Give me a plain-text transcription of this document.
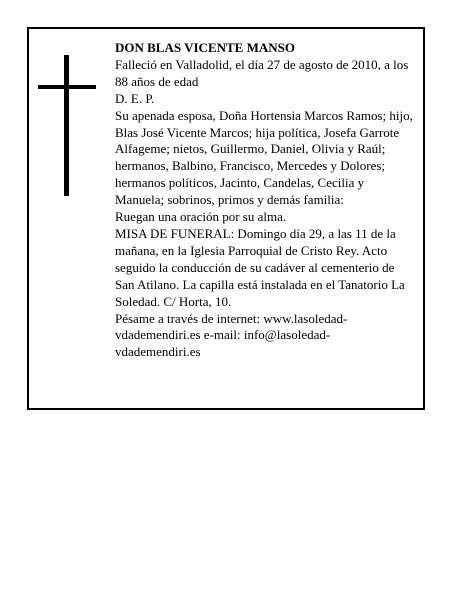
DON BLAS VICENTE MANSO

Falleció en Valladolid, el día 27 de agosto de 2010, a los 88 años de edad

D. E. P.

Su apenada esposa, Doña Hortensia Marcos Ramos; hijo, Blas José Vicente Marcos; hija política, Josefa Garrote Alfageme; nietos, Guillermo, Daniel, Olivia y Raúl; hermanos, Balbino, Francisco, Mercedes y Dolores; hermanos políticos, Jacinto, Candelas, Cecilia y Manuela; sobrinos, primos y demás familia:

Ruegan una oración por su alma.

MISA DE FUNERAL: Domingo día 29, a las 11 de la mañana, en la Iglesia Parroquial de Cristo Rey. Acto seguido la conducción de su cadáver al cementerio de San Atilano. La capilla está instalada en el Tanatorio La Soledad. C/ Horta, 10.

Pésame a través de internet: www.lasoledad-vdademendiri.es e-mail: info@lasoledad-vdademendiri.es
